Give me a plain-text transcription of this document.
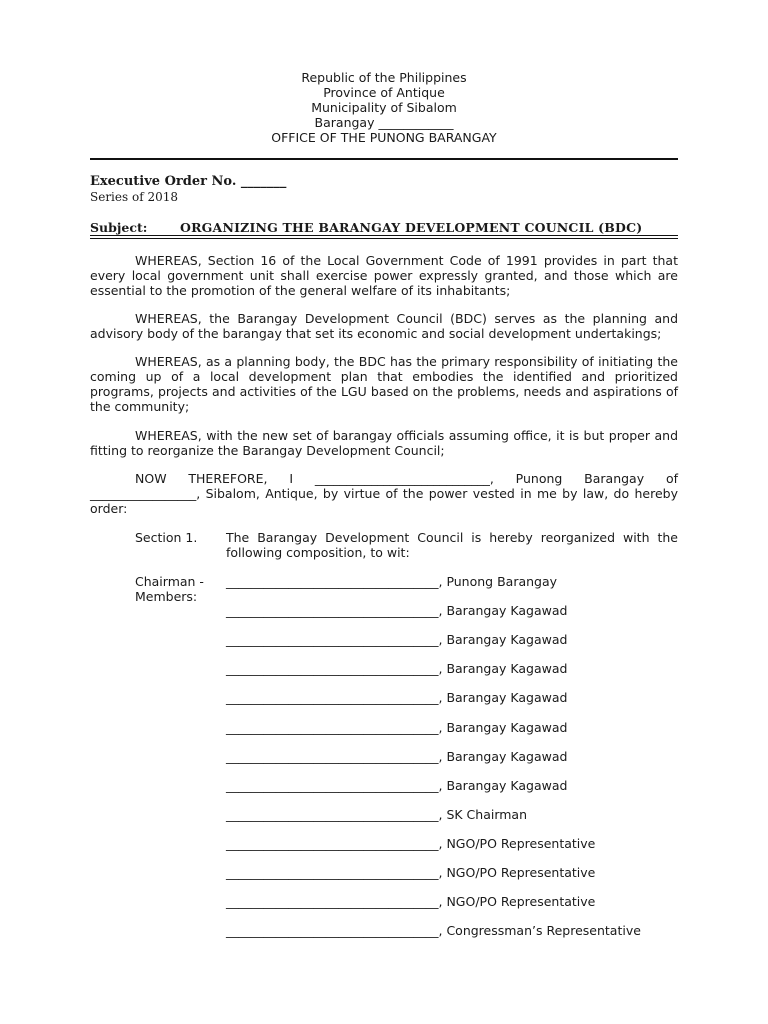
Republic of the Philippines
Province of Antique
Municipality of Sibalom
Barangay ____________
OFFICE OF THE PUNONG BARANGAY
Executive Order No. _______
Series of 2018
Subject:	ORGANIZING THE BARANGAY DEVELOPMENT COUNCIL (BDC)
WHEREAS, Section 16 of the Local Government Code of 1991 provides in part that every local government unit shall exercise power expressly granted, and those which are essential to the promotion of the general welfare of its inhabitants;
WHEREAS, the Barangay Development Council (BDC) serves as the planning and advisory body of the barangay that set its economic and social development undertakings;
WHEREAS, as a planning body, the BDC has the primary responsibility of initiating the coming up of a local development plan that embodies the identified and prioritized programs, projects and activities of the LGU based on the problems, needs and aspirations of the community;
WHEREAS, with the new set of barangay officials assuming office, it is but proper and fitting to reorganize the Barangay Development Council;
NOW THEREFORE, I ____________________________, Punong Barangay of _________________, Sibalom, Antique, by virtue of the power vested in me by law, do hereby order:
Section 1. The Barangay Development Council is hereby reorganized with the following composition, to wit:
Chairman -
Members:
__________________________________, Punong Barangay
__________________________________, Barangay Kagawad
__________________________________, Barangay Kagawad
__________________________________, Barangay Kagawad
__________________________________, Barangay Kagawad
__________________________________, Barangay Kagawad
__________________________________, Barangay Kagawad
__________________________________, Barangay Kagawad
__________________________________, SK Chairman
__________________________________, NGO/PO Representative
__________________________________, NGO/PO Representative
__________________________________, NGO/PO Representative
__________________________________, Congressman’s Representative
